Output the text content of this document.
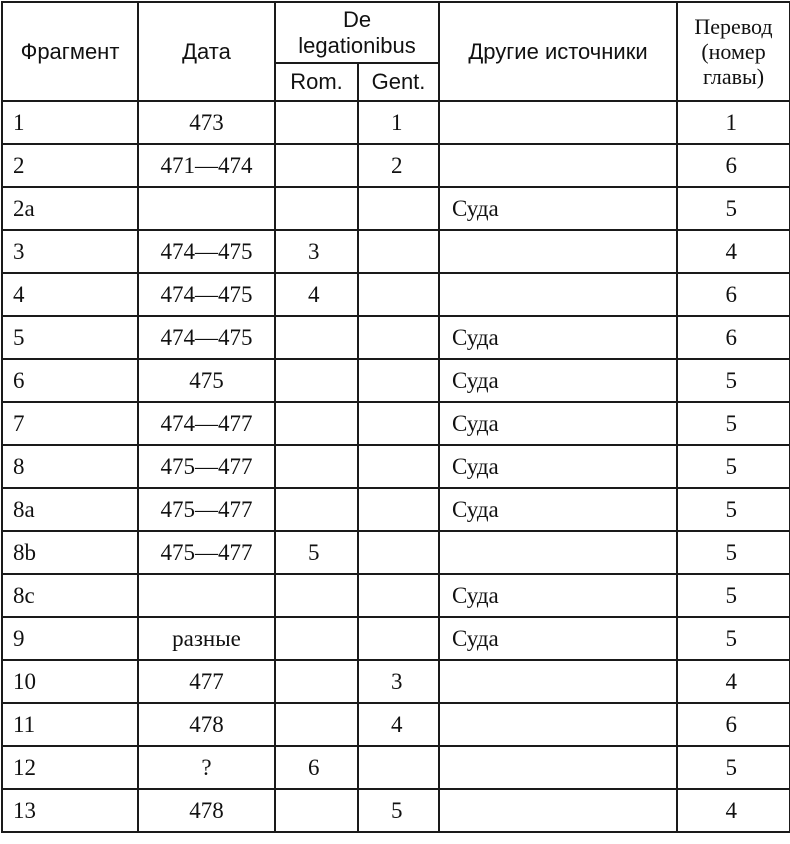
Фрагмент	Дата	De legationibus		Другие источники	Перевод (номер главы)
		Rom.	Gent.		
1	473		1		1
2	471—474		2		6
2a				Суда	5
3	474—475	3			4
4	474—475	4			6
5	474—475			Суда	6
6	475			Суда	5
7	474—477			Суда	5
8	475—477			Суда	5
8a	475—477			Суда	5
8b	475—477	5			5
8c				Суда	5
9	разные			Суда	5
10	477		3		4
11	478		4		6
12	?	6			5
13	478		5		4
